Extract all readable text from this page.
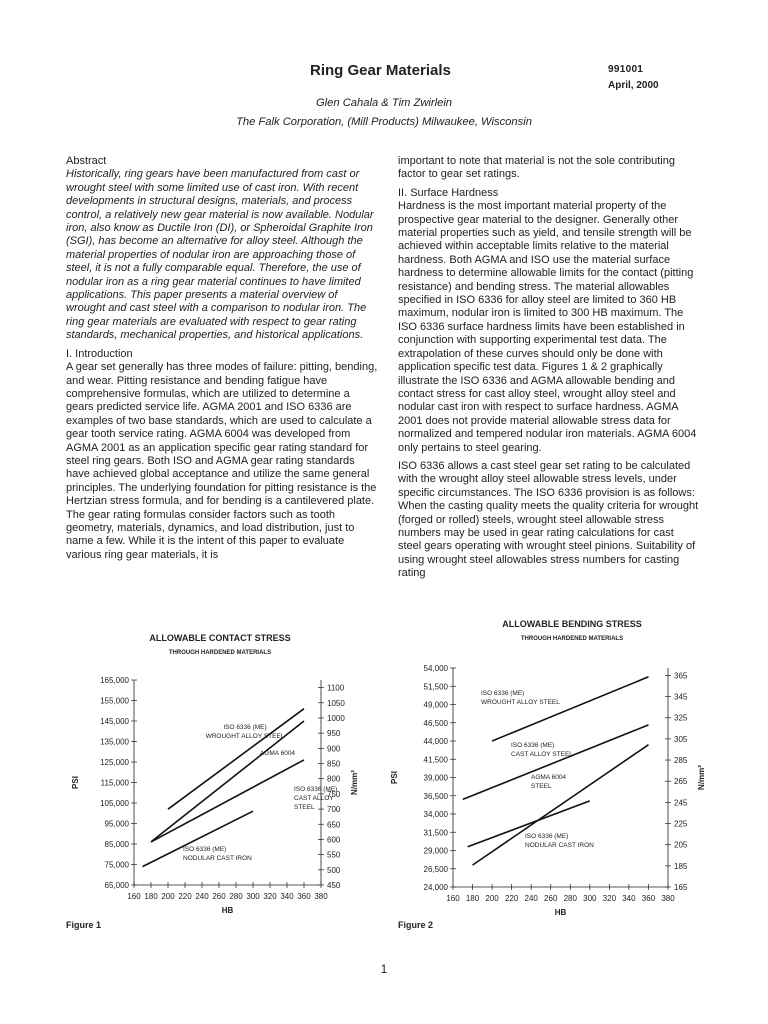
Ring Gear Materials	991001
April, 2000
Glen Cahala & Tim Zwirlein
The Falk Corporation, (Mill Products) Milwaukee, Wisconsin
Abstract

Historically, ring gears have been manufactured from cast or wrought steel with some limited use of cast iron. With recent developments in structural designs, materials, and process control, a relatively new gear material is now available. Nodular iron, also know as Ductile Iron (DI), or Spheroidal Graphite Iron (SGI), has become an alternative for alloy steel. Although the material properties of nodular iron are approaching those of steel, it is not a fully comparable equal. Therefore, the use of nodular iron as a ring gear material continues to have limited applications. This paper presents a material overview of wrought and cast steel with a comparison to nodular iron. The ring gear materials are evaluated with respect to gear rating standards, mechanical properties, and historical applications.

I. Introduction

A gear set generally has three modes of failure: pitting, bending, and wear. Pitting resistance and bending fatigue have comprehensive formulas, which are utilized to determine a gears predicted service life. AGMA 2001 and ISO 6336 are examples of two base standards, which are used to calculate a gear tooth service rating. AGMA 6004 was developed from AGMA 2001 as an application specific gear rating standard for steel ring gears. Both ISO and AGMA gear rating standards have achieved global acceptance and utilize the same general principles. The underlying foundation for pitting resistance is the Hertzian stress formula, and for bending is a cantilevered plate. The gear rating formulas consider factors such as tooth geometry, materials, dynamics, and load distribution, just to name a few. While it is the intent of this paper to evaluate various ring gear materials, it is

important to note that material is not the sole contributing factor to gear set ratings.

II. Surface Hardness

Hardness is the most important material property of the prospective gear material to the designer. Generally other material properties such as yield, and tensile strength will be achieved within acceptable limits relative to the material hardness. Both AGMA and ISO use the material surface hardness to determine allowable limits for the contact (pitting resistance) and bending stress. The material allowables specified in ISO 6336 for alloy steel are limited to 360 HB maximum, nodular iron is limited to 300 HB maximum. The ISO 6336 surface hardness limits have been established in conjunction with supporting experimental test data. The extrapolation of these curves should only be done with application specific test data. Figures 1 & 2 graphically illustrate the ISO 6336 and AGMA allowable bending and contact stress for cast alloy steel, wrought alloy steel and nodular cast iron with respect to surface hardness. AGMA 2001 does not provide material allowable stress data for normalized and tempered nodular iron materials. AGMA 6004 only pertains to steel gearing.

ISO 6336 allows a cast steel gear set rating to be calculated with the wrought alloy steel allowable stress levels, under specific circumstances. The ISO 6336 provision is as follows: When the casting quality meets the quality criteria for wrought (forged or rolled) steels, wrought steel allowable stress numbers may be used in gear rating calculations for cast steel gears operating with wrought steel pinions. Suitability of using wrought steel allowables stress numbers for casting rating

ALLOWABLE CONTACT STRESS
THROUGH HARDENED MATERIALS
165,000
155,000
145,000
135,000
125,000
115,000
105,000
95,000
85,000
75,000
65,000
1100
1050
1000
950
900
850
800
750
700
650
600
550
500
450
160 180 200 220 240 260 280 300 320 340 360 380
HB
PSI	N/mm²
ISO 6336 (ME)
WROUGHT ALLOY STEEL
AGMA 6004
ISO 6336 (ME)
CAST ALLOY
STEEL
ISO 6336 (ME)
NODULAR CAST IRON
Figure 1
ALLOWABLE BENDING STRESS
THROUGH HARDENED MATERIALS
54,000
51,500
49,000
46,500
44,000
41,500
39,000
36,500
34,000
31,500
29,000
26,500
24,000
365
345
325
305
285
265
245
225
205
185
165
160 180 200 220 240 260 280 300 320 340 360 380
HB
PSI	N/mm²
ISO 6336 (ME)
WROUGHT ALLOY STEEL
ISO 6336 (ME)
CAST ALLOY STEEL
AGMA 6004
STEEL
ISO 6336 (ME)
NODULAR CAST IRON
Figure 2
1
